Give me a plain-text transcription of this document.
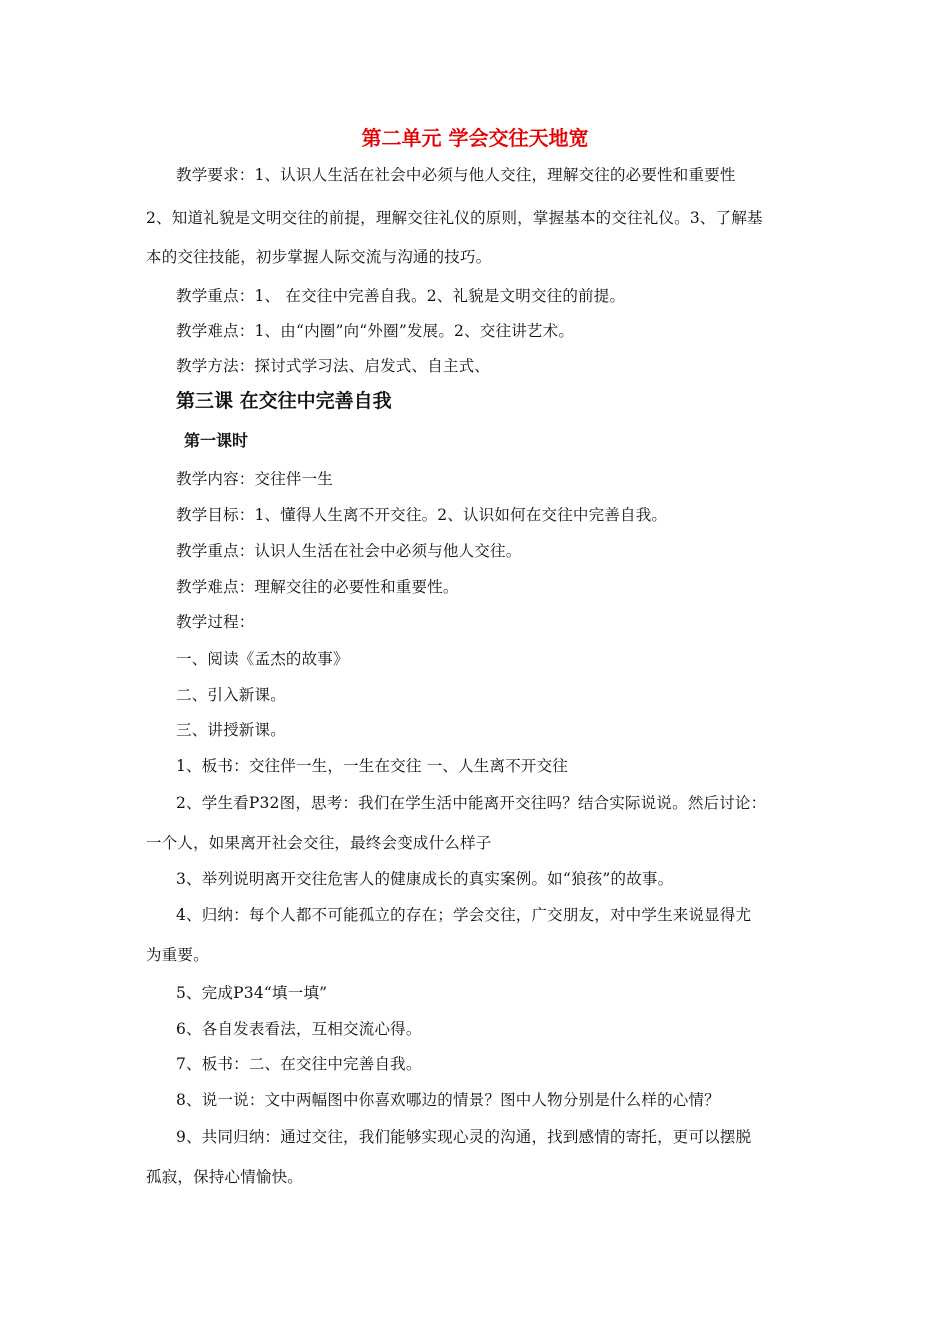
第二单元 学会交往天地宽
教学要求：1、认识人生活在社会中必须与他人交往，理解交往的必要性和重要性
2、知道礼貌是文明交往的前提，理解交往礼仪的原则，掌握基本的交往礼仪。3、了解基
本的交往技能，初步掌握人际交流与沟通的技巧。
教学重点：1、 在交往中完善自我。2、礼貌是文明交往的前提。
教学难点：1、由“内圈”向“外圈”发展。2、交往讲艺术。
教学方法：探讨式学习法、启发式、自主式、
第三课 在交往中完善自我
第一课时
教学内容：交往伴一生
教学目标：1、懂得人生离不开交往。2、认识如何在交往中完善自我。
教学重点：认识人生活在社会中必须与他人交往。
教学难点：理解交往的必要性和重要性。
教学过程：
一、阅读《孟杰的故事》
二、引入新课。
三、讲授新课。
1、板书：交往伴一生，一生在交往 一、人生离不开交往
2、学生看P32图，思考：我们在学生活中能离开交往吗？结合实际说说。然后讨论：
一个人，如果离开社会交往，最终会变成什么样子
3、举列说明离开交往危害人的健康成长的真实案例。如“狼孩”的故事。
4、归纳：每个人都不可能孤立的存在；学会交往，广交朋友，对中学生来说显得尤
为重要。
5、完成P34“填一填”
6、各自发表看法，互相交流心得。
7、板书：二、在交往中完善自我。
8、说一说：文中两幅图中你喜欢哪边的情景？图中人物分别是什么样的心情？
9、共同归纳：通过交往，我们能够实现心灵的沟通，找到感情的寄托，更可以摆脱
孤寂，保持心情愉快。
